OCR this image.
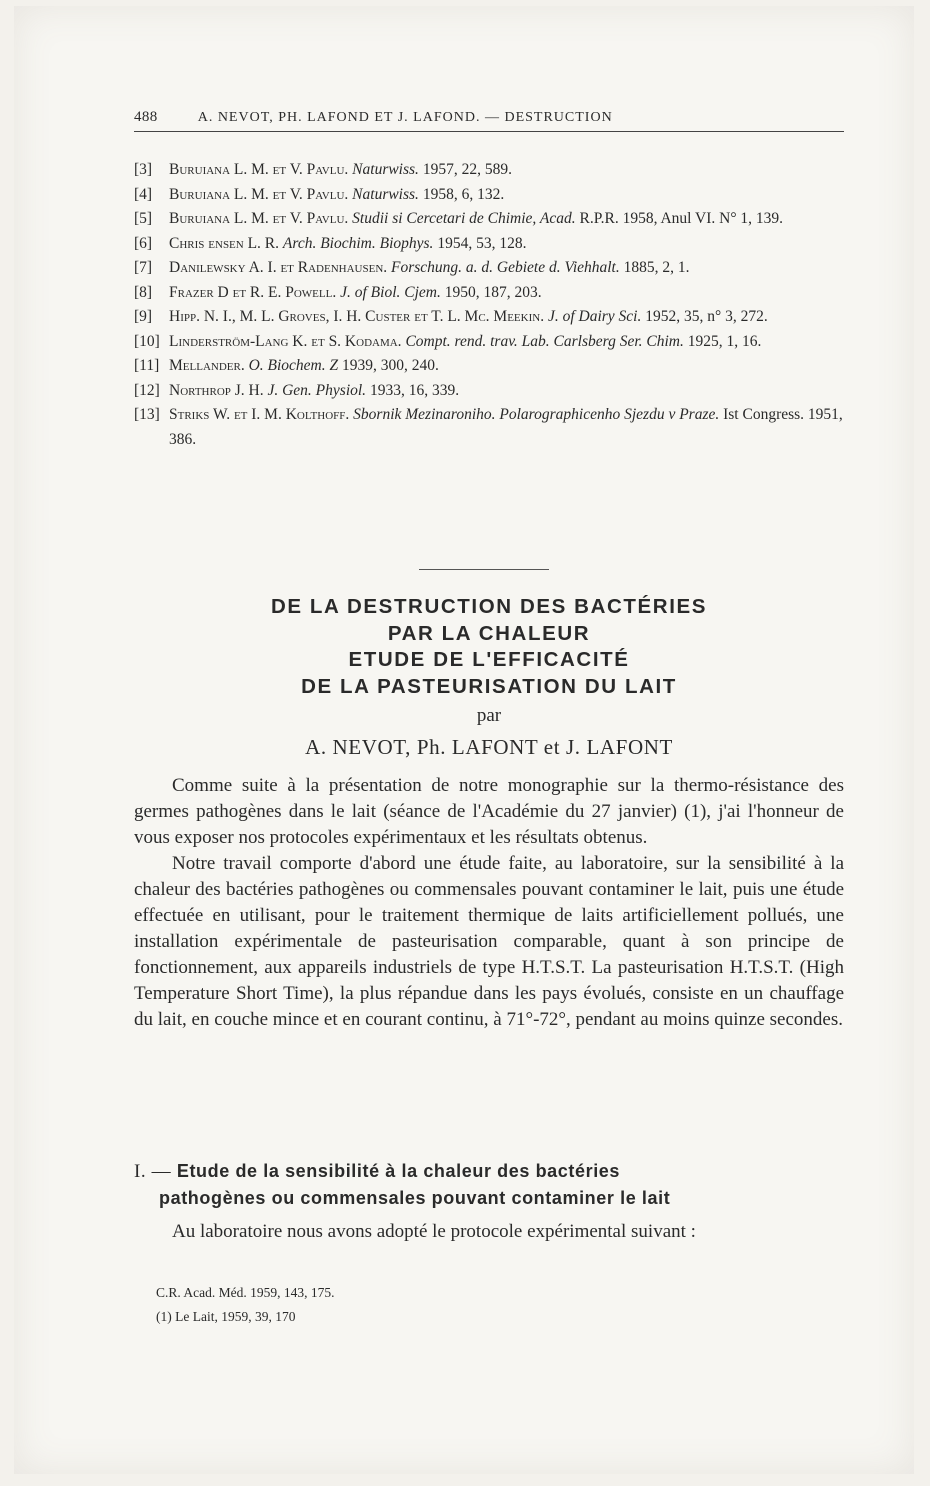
488	A. NEVOT, PH. LAFOND ET J. LAFOND. — DESTRUCTION
[3]	Buruiana L. M. et V. Pavlu. Naturwiss. 1957, 22, 589.
[4]	Buruiana L. M. et V. Pavlu. Naturwiss. 1958, 6, 132.
[5]	Buruiana L. M. et V. Pavlu. Studii si Cercetari de Chimie, Acad. R.P.R. 1958, Anul VI. N° 1, 139.
[6]	Chris ensen L. R. Arch. Biochim. Biophys. 1954, 53, 128.
[7]	Danilewsky A. I. et Radenhausen. Forschung. a. d. Gebiete d. Viehhalt. 1885, 2, 1.
[8]	Frazer D et R. E. Powell. J. of Biol. Cjem. 1950, 187, 203.
[9]	Hipp. N. I., M. L. Groves, I. H. Custer et T. L. Mc. Meekin. J. of Dairy Sci. 1952, 35, n° 3, 272.
[10] Linderström-Lang K. et S. Kodama. Compt. rend. trav. Lab. Carlsberg Ser. Chim. 1925, 1, 16.
[11] Mellander. O. Biochem. Z 1939, 300, 240.
[12] Northrop J. H. J. Gen. Physiol. 1933, 16, 339.
[13] Striks W. et I. M. Kolthoff. Sbornik Mezinaroniho. Polarographicenho Sjezdu v Praze. Ist Congress. 1951, 386.
DE LA DESTRUCTION DES BACTÉRIES
PAR LA CHALEUR
ETUDE DE L'EFFICACITÉ
DE LA PASTEURISATION DU LAIT
par
A. NEVOT, Ph. LAFONT et J. LAFONT

Comme suite à la présentation de notre monographie sur la thermo-résistance des germes pathogènes dans le lait (séance de l'Académie du 27 janvier) (1), j'ai l'honneur de vous exposer nos protocoles expérimentaux et les résultats obtenus.

Notre travail comporte d'abord une étude faite, au laboratoire, sur la sensibilité à la chaleur des bactéries pathogènes ou commensales pouvant contaminer le lait, puis une étude effectuée en utilisant, pour le traitement thermique de laits artificiellement pollués, une installation expérimentale de pasteurisation comparable, quant à son principe de fonctionnement, aux appareils industriels de type H.T.S.T. La pasteurisation H.T.S.T. (High Temperature Short Time), la plus répandue dans les pays évolués, consiste en un chauffage du lait, en couche mince et en courant continu, à 71°-72°, pendant au moins quinze secondes.

I. — Etude de la sensibilité à la chaleur des bactéries
pathogènes ou commensales pouvant contaminer le lait

Au laboratoire nous avons adopté le protocole expérimental suivant :

C.R. Acad. Méd. 1959, 143, 175.
(1) Le Lait, 1959, 39, 170
